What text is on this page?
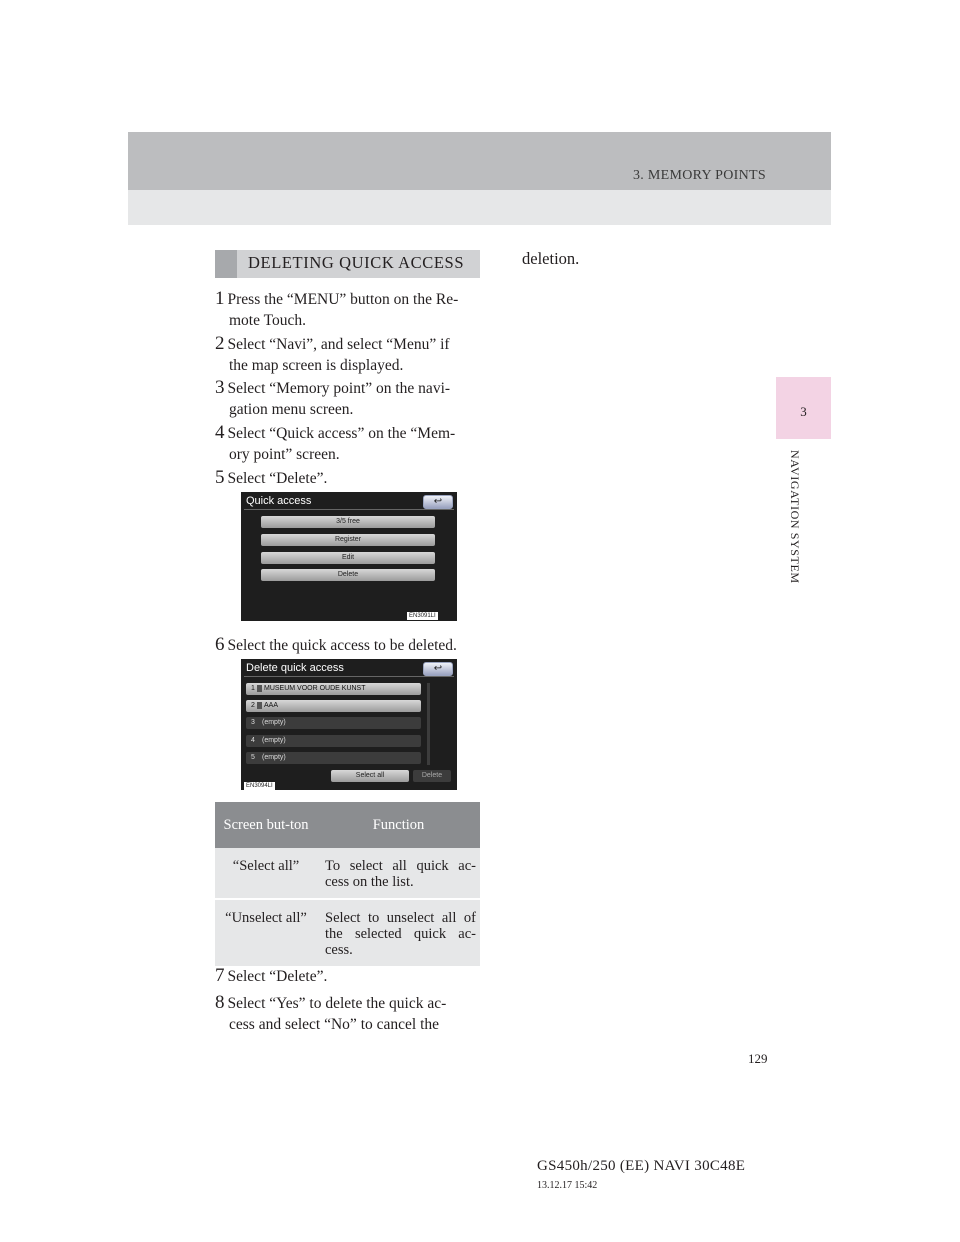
3. MEMORY POINTS
3
NAVIGATION SYSTEM
DELETING QUICK ACCESS	deletion.
1 Press the “MENU” button on the Re-
mote Touch.
2 Select “Navi”, and select “Menu” if
the map screen is displayed.
3 Select “Memory point” on the navi-
gation menu screen.
4 Select “Quick access” on the “Mem-
ory point” screen.
5 Select “Delete”.
Quick access	↩
3/5 free
Register
Edit
Delete
EN3091LI
6 Select the quick access to be deleted.
Delete quick access	↩
1 MUSEUM VOOR OUDE KUNST
2 AAA
3 (empty)
4 (empty)
5 (empty)
Select all	Delete
EN3094LI
Screen but-ton	Function
“Select all”	To select all quick ac-cess on the list.
“Unselect all”	Select to unselect all of the selected quick ac-cess.
7 Select “Delete”.
8 Select “Yes” to delete the quick ac-
cess and select “No” to cancel the
129
GS450h/250 (EE) NAVI 30C48E
13.12.17 15:42
